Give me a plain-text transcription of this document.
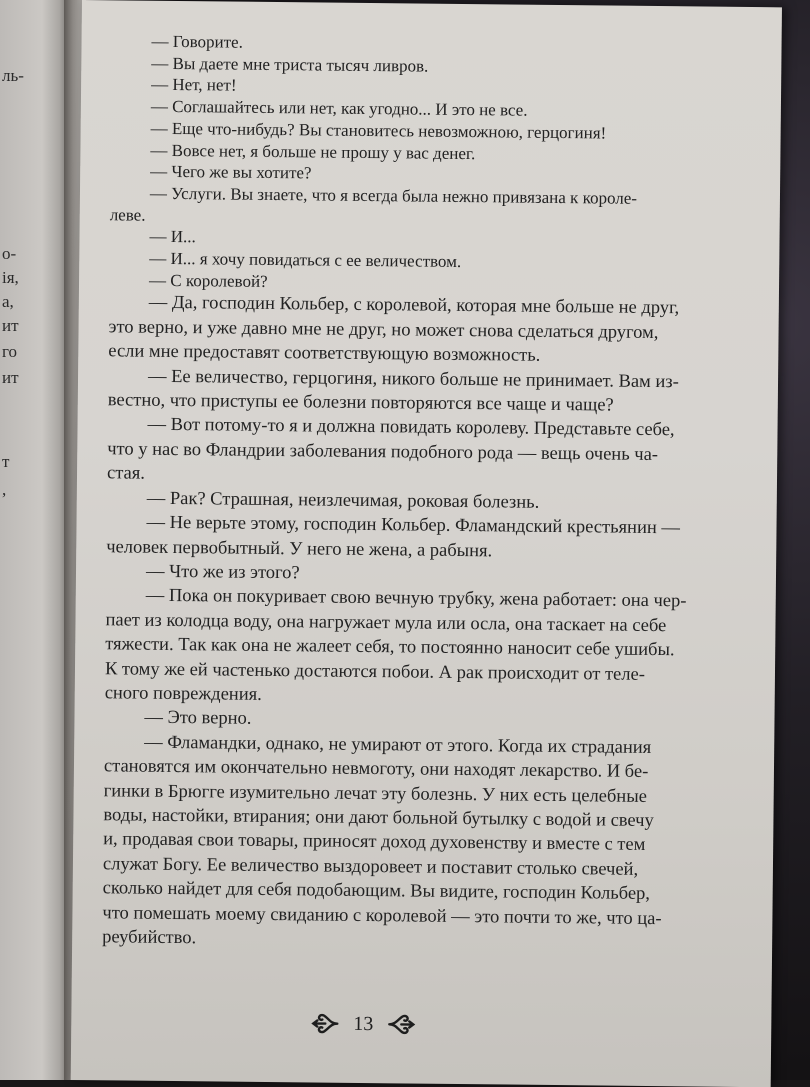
ль-
о-
ія,
а,
ит
го
ит
т
,

— Говорите.

— Вы даете мне триста тысяч ливров.

— Нет, нет!

— Соглашайтесь или нет, как угодно... И это не все.

— Еще что-нибудь? Вы становитесь невозможною, герцогиня!

— Вовсе нет, я больше не прошу у вас денег.

— Чего же вы хотите?

— Услуги. Вы знаете, что я всегда была нежно привязана к короле-

леве.

— И...

— И... я хочу повидаться с ее величеством.

— С королевой?

— Да, господин Кольбер, с королевой, которая мне больше не друг,

это верно, и уже давно мне не друг, но может снова сделаться другом,

если мне предоставят соответствующую возможность.

— Ее величество, герцогиня, никого больше не принимает. Вам из-

вестно, что приступы ее болезни повторяются все чаще и чаще?

— Вот потому-то я и должна повидать королеву. Представьте себе,

что у нас во Фландрии заболевания подобного рода — вещь очень ча-

стая.

— Рак? Страшная, неизлечимая, роковая болезнь.

— Не верьте этому, господин Кольбер. Фламандский крестьянин —

человек первобытный. У него не жена, а рабыня.

— Что же из этого?

— Пока он покуривает свою вечную трубку, жена работает: она чер-

пает из колодца воду, она нагружает мула или осла, она таскает на себе

тяжести. Так как она не жалеет себя, то постоянно наносит себе ушибы.

К тому же ей частенько достаются побои. А рак происходит от теле-

сного повреждения.

— Это верно.

— Фламандки, однако, не умирают от этого. Когда их страдания

становятся им окончательно невмоготу, они находят лекарство. И бе-

гинки в Брюгге изумительно лечат эту болезнь. У них есть целебные

воды, настойки, втирания; они дают больной бутылку с водой и свечу

и, продавая свои товары, приносят доход духовенству и вместе с тем

служат Богу. Ее величество выздоровеет и поставит столько свечей,

сколько найдет для себя подобающим. Вы видите, господин Кольбер,

что помешать моему свиданию с королевой — это почти то же, что ца-

реубийство.

13
